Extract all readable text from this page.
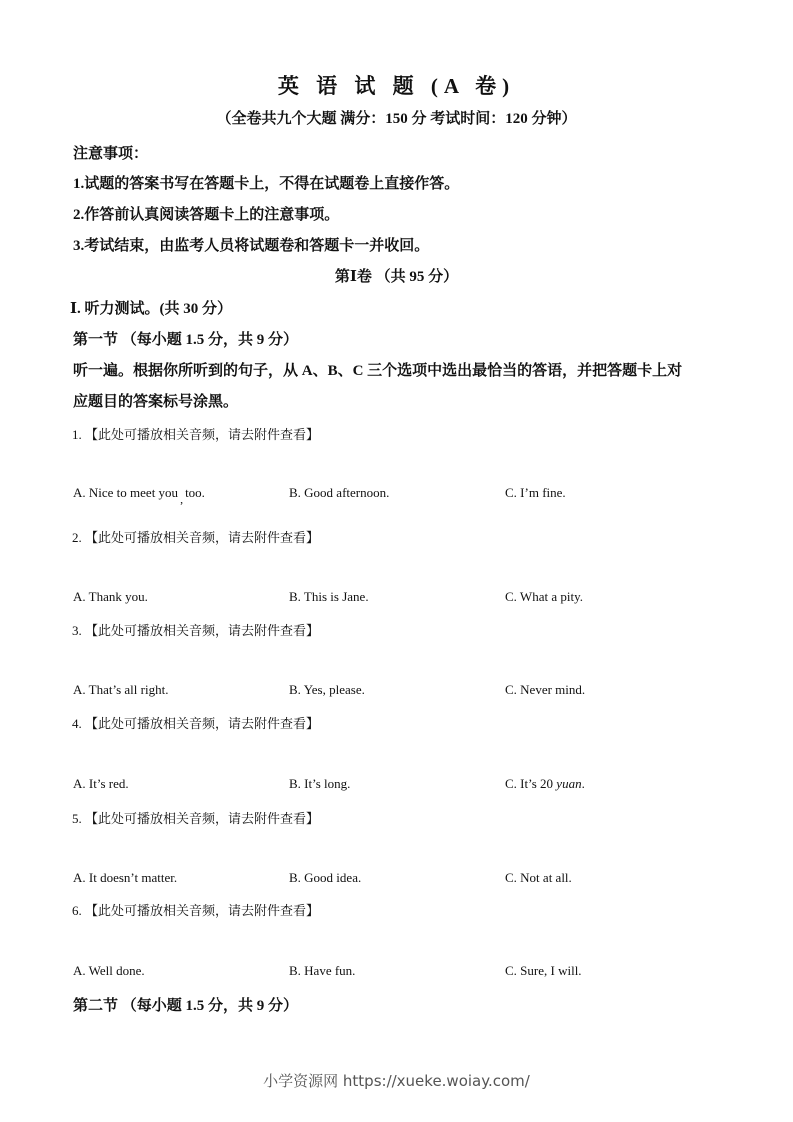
英 语 试 题 (A 卷)
（全卷共九个大题 满分：150 分 考试时间：120 分钟）
注意事项：
1.试题的答案书写在答题卡上，不得在试题卷上直接作答。
2.作答前认真阅读答题卡上的注意事项。
3.考试结束，由监考人员将试题卷和答题卡一并收回。
第Ⅰ卷 （共 95 分）
Ⅰ. 听力测试。(共 30 分）
第一节 （每小题 1.5 分，共 9 分）
听一遍。根据你所听到的句子，从 A、B、C 三个选项中选出最恰当的答语，并把答题卡上对
应题目的答案标号涂黑。
1. 【此处可播放相关音频，请去附件查看】
A. Nice to meet you , too.	B. Good afternoon.	C. I’m fine.
2. 【此处可播放相关音频，请去附件查看】
A. Thank you.	B. This is Jane.	C. What a pity.
3. 【此处可播放相关音频，请去附件查看】
A. That’s all right.	B. Yes, please.	C. Never mind.
4. 【此处可播放相关音频，请去附件查看】
A. It’s red.	B. It’s long.	C. It’s 20 yuan.
5. 【此处可播放相关音频，请去附件查看】
A. It doesn’t matter.	B. Good idea.	C. Not at all.
6. 【此处可播放相关音频，请去附件查看】
A. Well done.	B. Have fun.	C. Sure, I will.
第二节 （每小题 1.5 分，共 9 分）
小学资源网 https://xueke.woiay.com/
